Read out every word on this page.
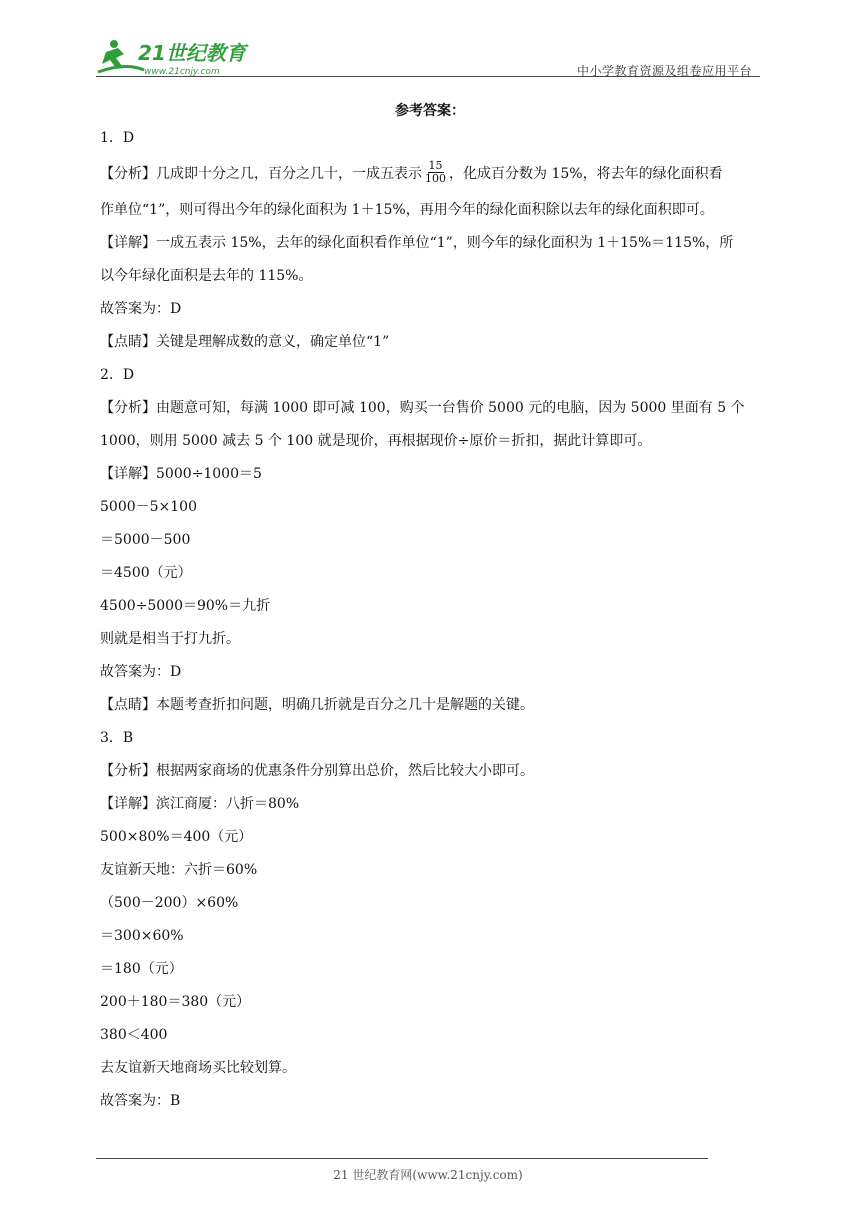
21世纪教育
www.21cnjy.com	中小学教育资源及组卷应用平台
参考答案：

1．D

【分析】几成即十分之几，百分之几十，一成五表示 $\frac{15}{100}$ ，化成百分数为 15%，将去年的绿化面积看

作单位“1”，则可得出今年的绿化面积为 1＋15%，再用今年的绿化面积除以去年的绿化面积即可。

【详解】一成五表示 15%，去年的绿化面积看作单位“1”，则今年的绿化面积为 1＋15%＝115%，所

以今年绿化面积是去年的 115%。

故答案为：D

【点睛】关键是理解成数的意义，确定单位“1”

2．D

【分析】由题意可知，每满 1000 即可减 100，购买一台售价 5000 元的电脑，因为 5000 里面有 5 个

1000，则用 5000 减去 5 个 100 就是现价，再根据现价÷原价＝折扣，据此计算即可。

【详解】5000÷1000＝5

5000－5×100

＝5000－500

＝4500（元）

4500÷5000＝90%＝九折

则就是相当于打九折。

故答案为：D

【点睛】本题考查折扣问题，明确几折就是百分之几十是解题的关键。

3．B

【分析】根据两家商场的优惠条件分别算出总价，然后比较大小即可。

【详解】滨江商厦：八折＝80%

500×80%＝400（元）

友谊新天地：六折＝60%

（500－200）×60%

＝300×60%

＝180（元）

200＋180＝380（元）

380＜400

去友谊新天地商场买比较划算。

故答案为：B

21 世纪教育网(www.21cnjy.com)
